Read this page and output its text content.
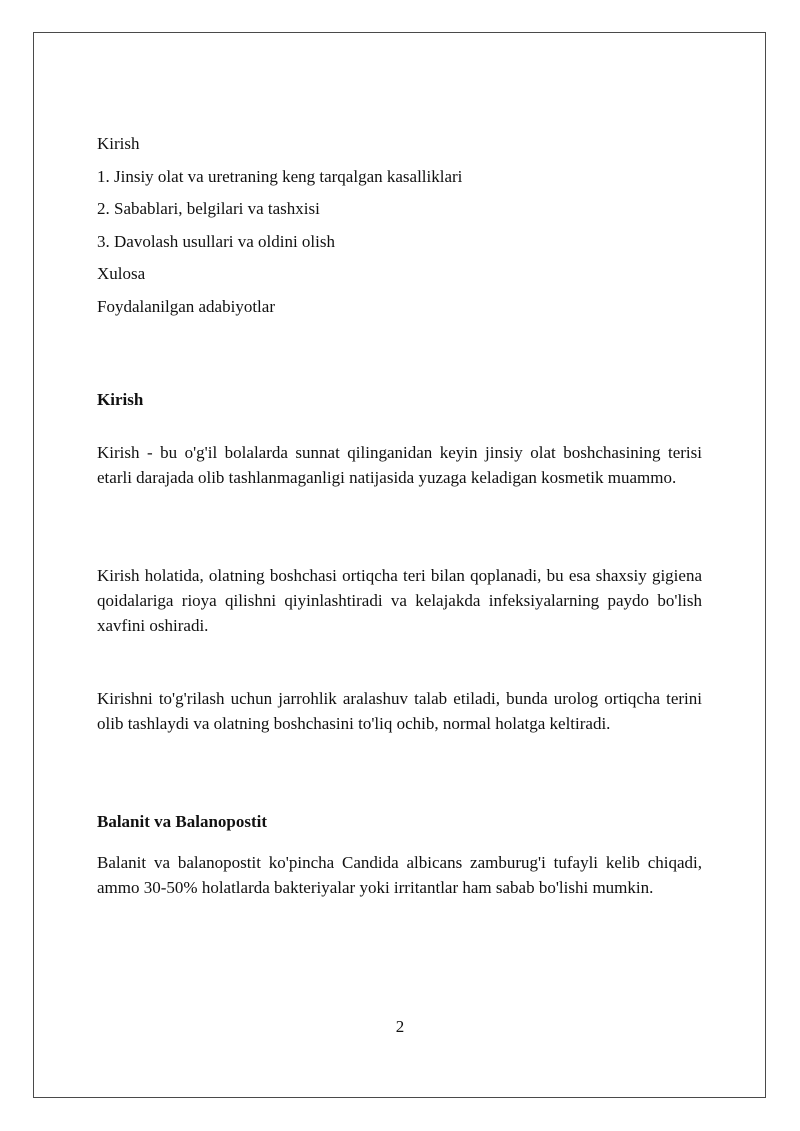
Kirish

1. Jinsiy olat va uretraning keng tarqalgan kasalliklari

2. Sabablari, belgilari va tashxisi

3. Davolash usullari va oldini olish

Xulosa

Foydalanilgan adabiyotlar

Kirish

Kirish - bu o'g'il bolalarda sunnat qilinganidan keyin jinsiy olat boshchasining terisi etarli darajada olib tashlanmaganligi natijasida yuzaga keladigan kosmetik muammo.

Kirish holatida, olatning boshchasi ortiqcha teri bilan qoplanadi, bu esa shaxsiy gigiena qoidalariga rioya qilishni qiyinlashtiradi va kelajakda infeksiyalarning paydo bo'lish xavfini oshiradi.

Kirishni to'g'rilash uchun jarrohlik aralashuv talab etiladi, bunda urolog ortiqcha terini olib tashlaydi va olatning boshchasini to'liq ochib, normal holatga keltiradi.

Balanit va Balanopostit

Balanit va balanopostit ko'pincha Candida albicans zamburug'i tufayli kelib chiqadi, ammo 30-50% holatlarda bakteriyalar yoki irritantlar ham sabab bo'lishi mumkin.

2
